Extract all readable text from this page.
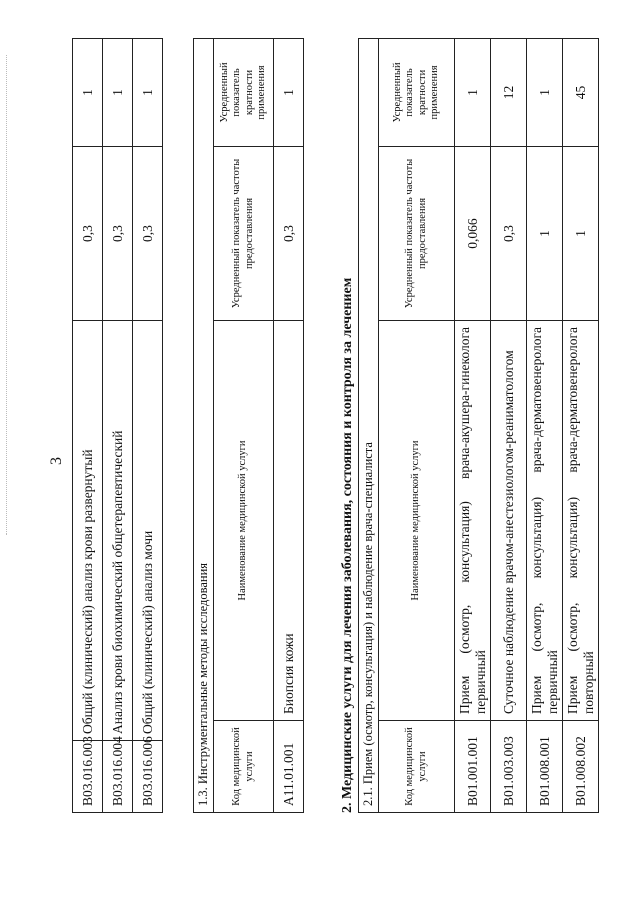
3
B03.016.003	Общий (клинический) анализ крови развернутый	0,3	1
B03.016.004	Анализ крови биохимический общетерапевтический	0,3	1
B03.016.006	Общий (клинический) анализ мочи	0,3	1
1.3. Инструментальные методы исследования			
Код медицинской услуги	Наименование медицинской услуги	Усредненный показатель частоты предоставления	Усредненный показатель кратности применения
A11.01.001	Биопсия кожи	0,3	1
2. Медицинские услуги для лечения заболевания, состояния и контроля за лечением 2.1. Прием (осмотр, консультация) и наблюдение врача-специалиста			
Код медицинской услуги	Наименование медицинской услуги	Усредненный показатель частоты предоставления	Усредненный показатель кратности применения
B01.001.001	Прием (осмотр, консультация) врача-акушера-гинеколога первичный	0,066	1
B01.003.003	Суточное наблюдение врачом-анестезиологом-реаниматологом	0,3	12
B01.008.001	Прием (осмотр, консультация) врача-дерматовенеролога первичный	1	1
B01.008.002	Прием (осмотр, консультация) врача-дерматовенеролога повторный	1	45
